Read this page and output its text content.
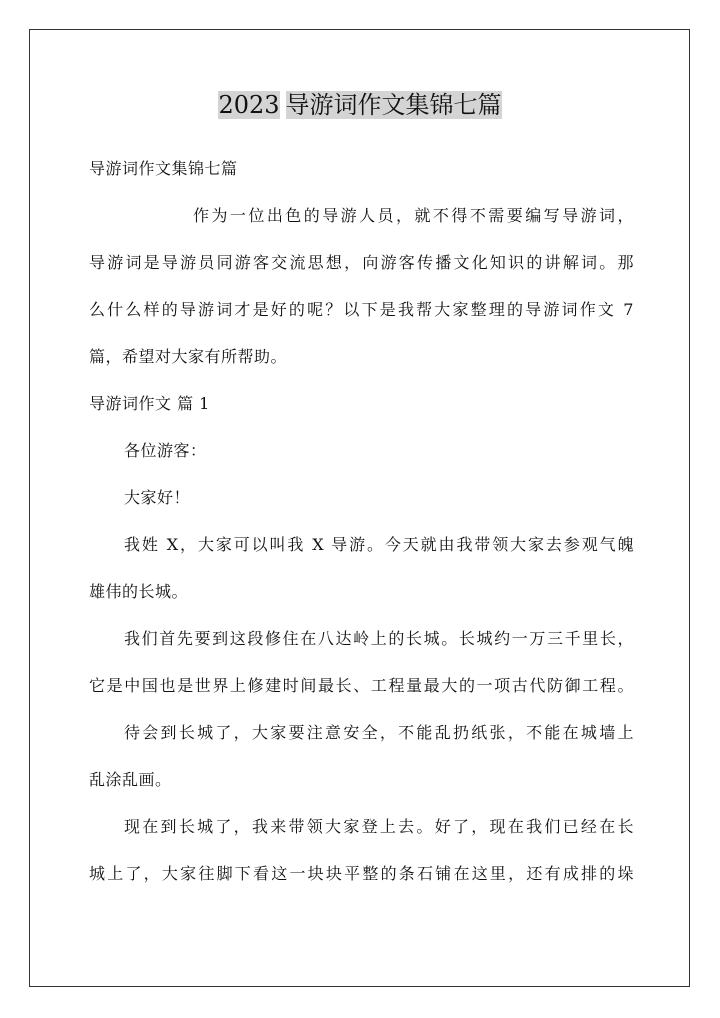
2023 导游词作文集锦七篇
导游词作文集锦七篇
作为一位出色的导游人员，就不得不需要编写导游词，
导游词是导游员同游客交流思想，向游客传播文化知识的讲解词。那
么什么样的导游词才是好的呢？以下是我帮大家整理的导游词作文 7
篇，希望对大家有所帮助。
导游词作文 篇 1
各位游客：
大家好！
我姓 X，大家可以叫我 X 导游。今天就由我带领大家去参观气魄
雄伟的长城。
我们首先要到这段修住在八达岭上的长城。长城约一万三千里长，
它是中国也是世界上修建时间最长、工程量最大的一项古代防御工程。
待会到长城了，大家要注意安全，不能乱扔纸张，不能在城墙上
乱涂乱画。
现在到长城了，我来带领大家登上去。好了，现在我们已经在长
城上了，大家往脚下看这一块块平整的条石铺在这里，还有成排的垛
